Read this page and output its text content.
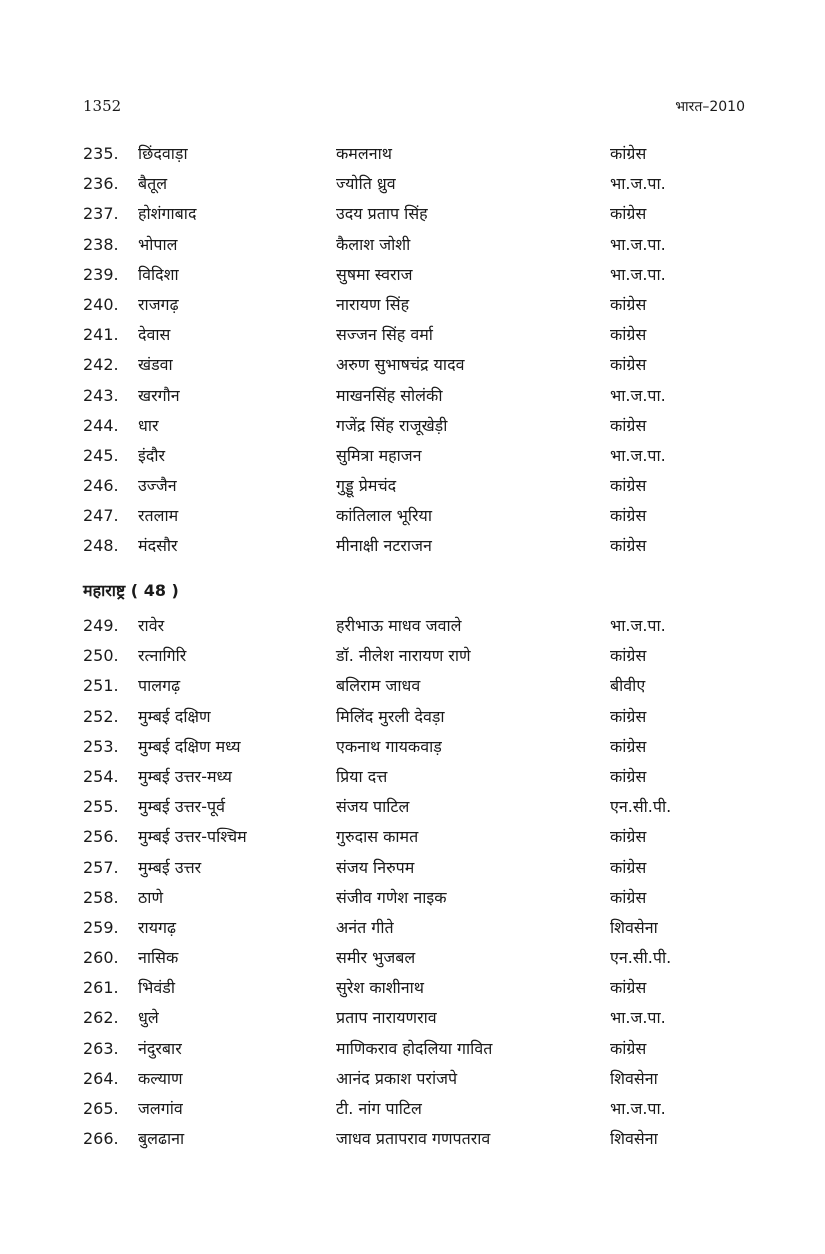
1352	भारत–2010
235. छिंदवाड़ा	कमलनाथ	कांग्रेस
236. बैतूल	ज्योति ध्रुव	भा.ज.पा.
237. होशंगाबाद	उदय प्रताप सिंह	कांग्रेस
238. भोपाल	कैलाश जोशी	भा.ज.पा.
239. विदिशा	सुषमा स्वराज	भा.ज.पा.
240. राजगढ़	नारायण सिंह	कांग्रेस
241. देवास	सज्जन सिंह वर्मा	कांग्रेस
242. खंडवा	अरुण सुभाषचंद्र यादव	कांग्रेस
243. खरगौन	माखनसिंह सोलंकी	भा.ज.पा.
244. धार	गजेंद्र सिंह राजूखेड़ी	कांग्रेस
245. इंदौर	सुमित्रा महाजन	भा.ज.पा.
246. उज्जैन	गुड्डू प्रेमचंद	कांग्रेस
247. रतलाम	कांतिलाल भूरिया	कांग्रेस
248. मंदसौर	मीनाक्षी नटराजन	कांग्रेस
महाराष्ट्र ( 48 )
249. रावेर	हरीभाऊ माधव जवाले	भा.ज.पा.
250. रत्नागिरि	डॉ. नीलेश नारायण राणे	कांग्रेस
251. पालगढ़	बलिराम जाधव	बीवीए
252. मुम्बई दक्षिण	मिलिंद मुरली देवड़ा	कांग्रेस
253. मुम्बई दक्षिण मध्य	एकनाथ गायकवाड़	कांग्रेस
254. मुम्बई उत्तर-मध्य	प्रिया दत्त	कांग्रेस
255. मुम्बई उत्तर-पूर्व	संजय पाटिल	एन.सी.पी.
256. मुम्बई उत्तर-पश्चिम	गुरुदास कामत	कांग्रेस
257. मुम्बई उत्तर	संजय निरुपम	कांग्रेस
258. ठाणे	संजीव गणेश नाइक	कांग्रेस
259. रायगढ़	अनंत गीते	शिवसेना
260. नासिक	समीर भुजबल	एन.सी.पी.
261. भिवंडी	सुरेश काशीनाथ	कांग्रेस
262. धुले	प्रताप नारायणराव	भा.ज.पा.
263. नंदुरबार	माणिकराव होदलिया गावित	कांग्रेस
264. कल्याण	आनंद प्रकाश परांजपे	शिवसेना
265. जलगांव	टी. नांग पाटिल	भा.ज.पा.
266. बुलढाना	जाधव प्रतापराव गणपतराव	शिवसेना
